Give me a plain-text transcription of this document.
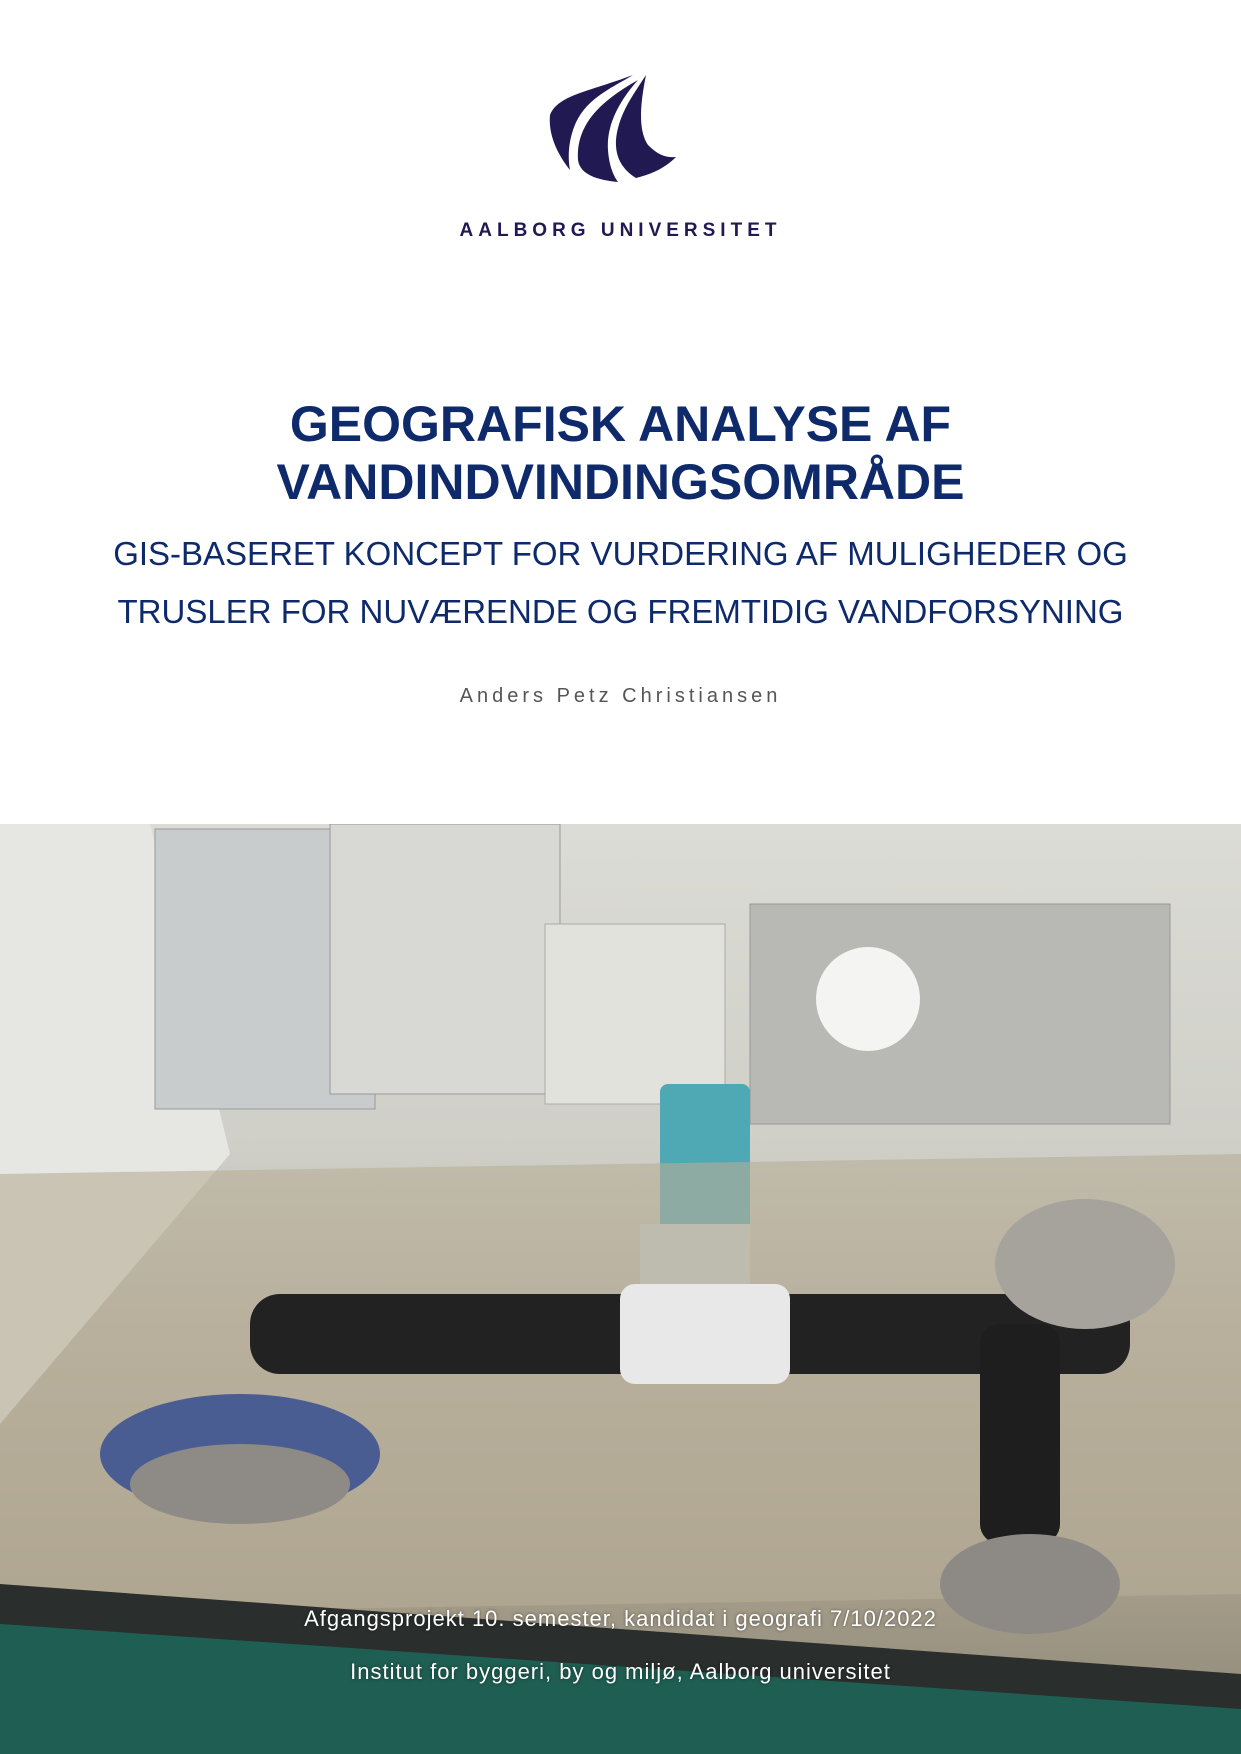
AALBORG UNIVERSITET
GEOGRAFISK ANALYSE AF
VANDINDVINDINGSOMRÅDE
GIS-BASERET KONCEPT FOR VURDERING AF MULIGHEDER OG
TRUSLER FOR NUVÆRENDE OG FREMTIDIG VANDFORSYNING
Anders Petz Christiansen
Afgangsprojekt 10. semester, kandidat i geografi 7/10/2022
Institut for byggeri, by og miljø, Aalborg universitet
